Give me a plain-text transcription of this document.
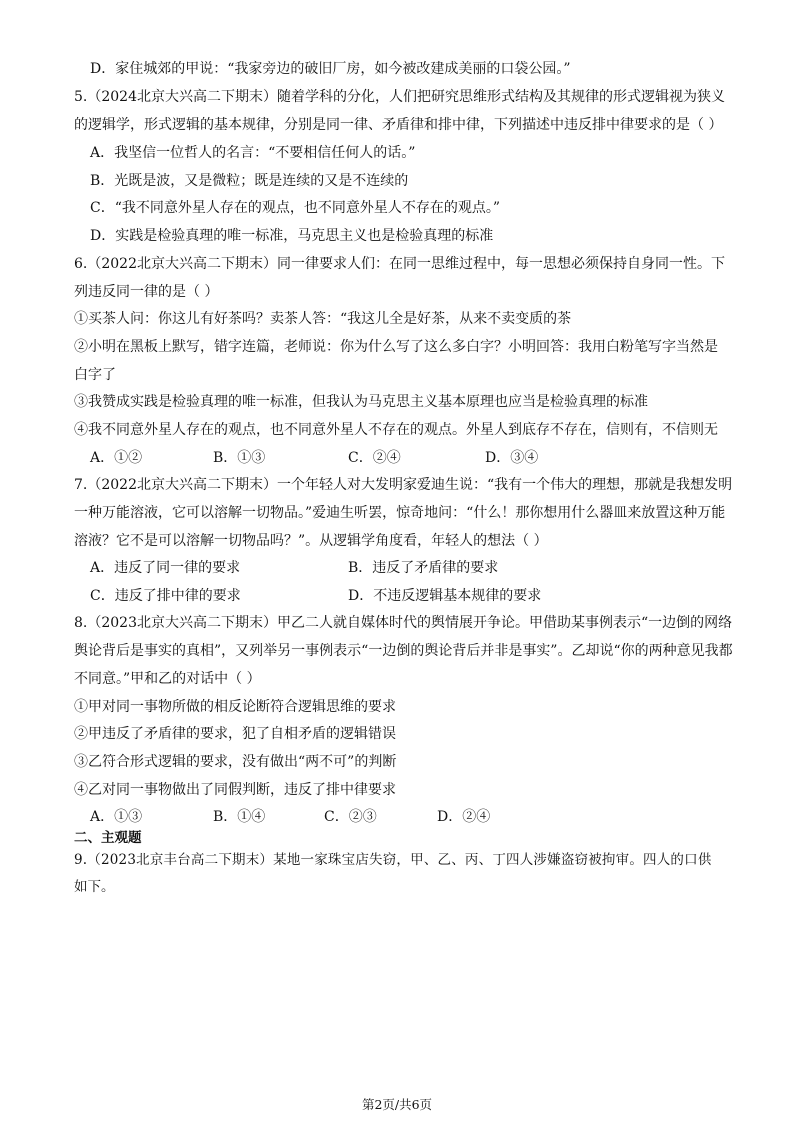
D．家住城郊的甲说：“我家旁边的破旧厂房，如今被改建成美丽的口袋公园。”
5.（2024北京大兴高二下期末）随着学科的分化，人们把研究思维形式结构及其规律的形式逻辑视为狭义
的逻辑学，形式逻辑的基本规律，分别是同一律、矛盾律和排中律，下列描述中违反排中律要求的是（ ）
A．我坚信一位哲人的名言：“不要相信任何人的话。”
B．光既是波，又是微粒；既是连续的又是不连续的
C．“我不同意外星人存在的观点，也不同意外星人不存在的观点。”
D．实践是检验真理的唯一标准，马克思主义也是检验真理的标准
6.（2022北京大兴高二下期末）同一律要求人们：在同一思维过程中，每一思想必须保持自身同一性。下
列违反同一律的是（ ）
①买茶人问：你这儿有好茶吗？卖茶人答：“我这儿全是好茶，从来不卖变质的茶
②小明在黑板上默写，错字连篇，老师说：你为什么写了这么多白字？小明回答：我用白粉笔写字当然是
白字了
③我赞成实践是检验真理的唯一标准，但我认为马克思主义基本原理也应当是检验真理的标准
④我不同意外星人存在的观点，也不同意外星人不存在的观点。外星人到底存不存在，信则有，不信则无
A．①②	B．①③	C．②④	D．③④
7.（2022北京大兴高二下期末）一个年轻人对大发明家爱迪生说：“我有一个伟大的理想，那就是我想发明
一种万能溶液，它可以溶解一切物品。”爱迪生听罢，惊奇地问：“什么！那你想用什么器皿来放置这种万能
溶液？它不是可以溶解一切物品吗？”。从逻辑学角度看，年轻人的想法（ ）
A．违反了同一律的要求	B．违反了矛盾律的要求
C．违反了排中律的要求	D．不违反逻辑基本规律的要求
8.（2023北京大兴高二下期末）甲乙二人就自媒体时代的舆情展开争论。甲借助某事例表示“一边倒的网络
舆论背后是事实的真相”，又列举另一事例表示“一边倒的舆论背后并非是事实”。乙却说“你的两种意见我都
不同意。”甲和乙的对话中（ ）
①甲对同一事物所做的相反论断符合逻辑思维的要求
②甲违反了矛盾律的要求，犯了自相矛盾的逻辑错误
③乙符合形式逻辑的要求，没有做出“两不可”的判断
④乙对同一事物做出了同假判断，违反了排中律要求
A．①③	B．①④	C．②③	D．②④
二、主观题
9.（2023北京丰台高二下期末）某地一家珠宝店失窃，甲、乙、丙、丁四人涉嫌盗窃被拘审。四人的口供
如下。
第2页/共6页
